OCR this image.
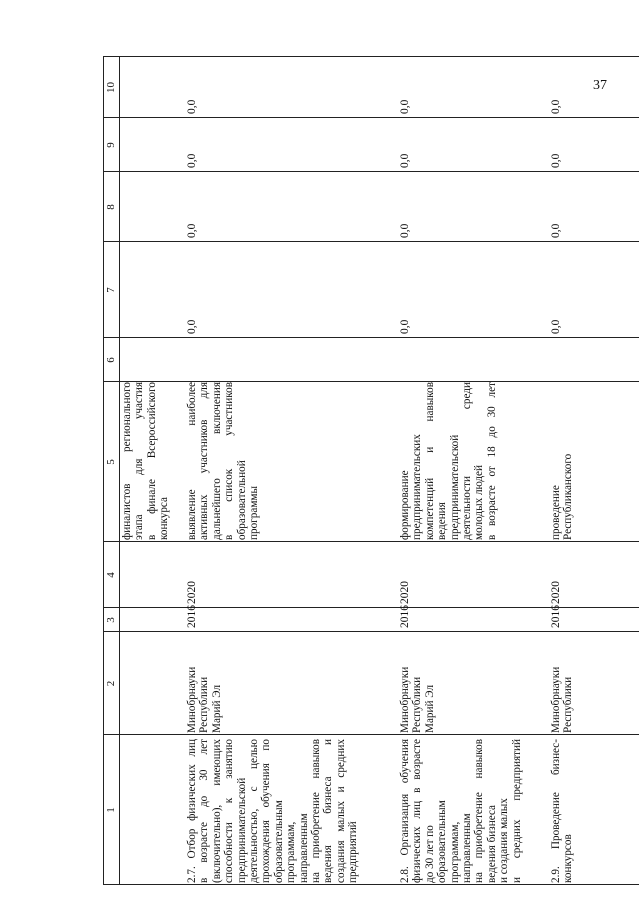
37
1
2
3
4
5
6
7
8
9
10
финалистов регионального этапа для участия в финале Всероссийского конкурса
2.7. Отбор физических лиц в возрасте до 30 лет (включительно), имеющих способности к занятию предпринимательской деятельностью, с целью прохождения обучения по образовательным программам, направленным на приобретение навыков ведения бизнеса и создания малых и средних предприятий
Минобрнауки Республики Марий Эл
2016
2020
выявление наиболее активных участников для дальнейшего включения в список участников образовательной программы
0,0
0,0
0,0
0,0
2.8. Организация обучения физических лиц в возрасте до 30 лет по образовательным программам, направленным на приобретение навыков ведения бизнеса и создания малых и средних предприятий
Минобрнауки Республики Марий Эл
2016
2020
формирование предпринимательских компетенций и навыков ведения предпринимательской деятельности среди молодых людей в возрасте от 18 до 30 лет
0,0
0,0
0,0
0,0
2.9. Проведение бизнес- конкурсов
Минобрнауки Республики
2016
2020
проведение Республиканского
0,0
0,0
0,0
0,0
